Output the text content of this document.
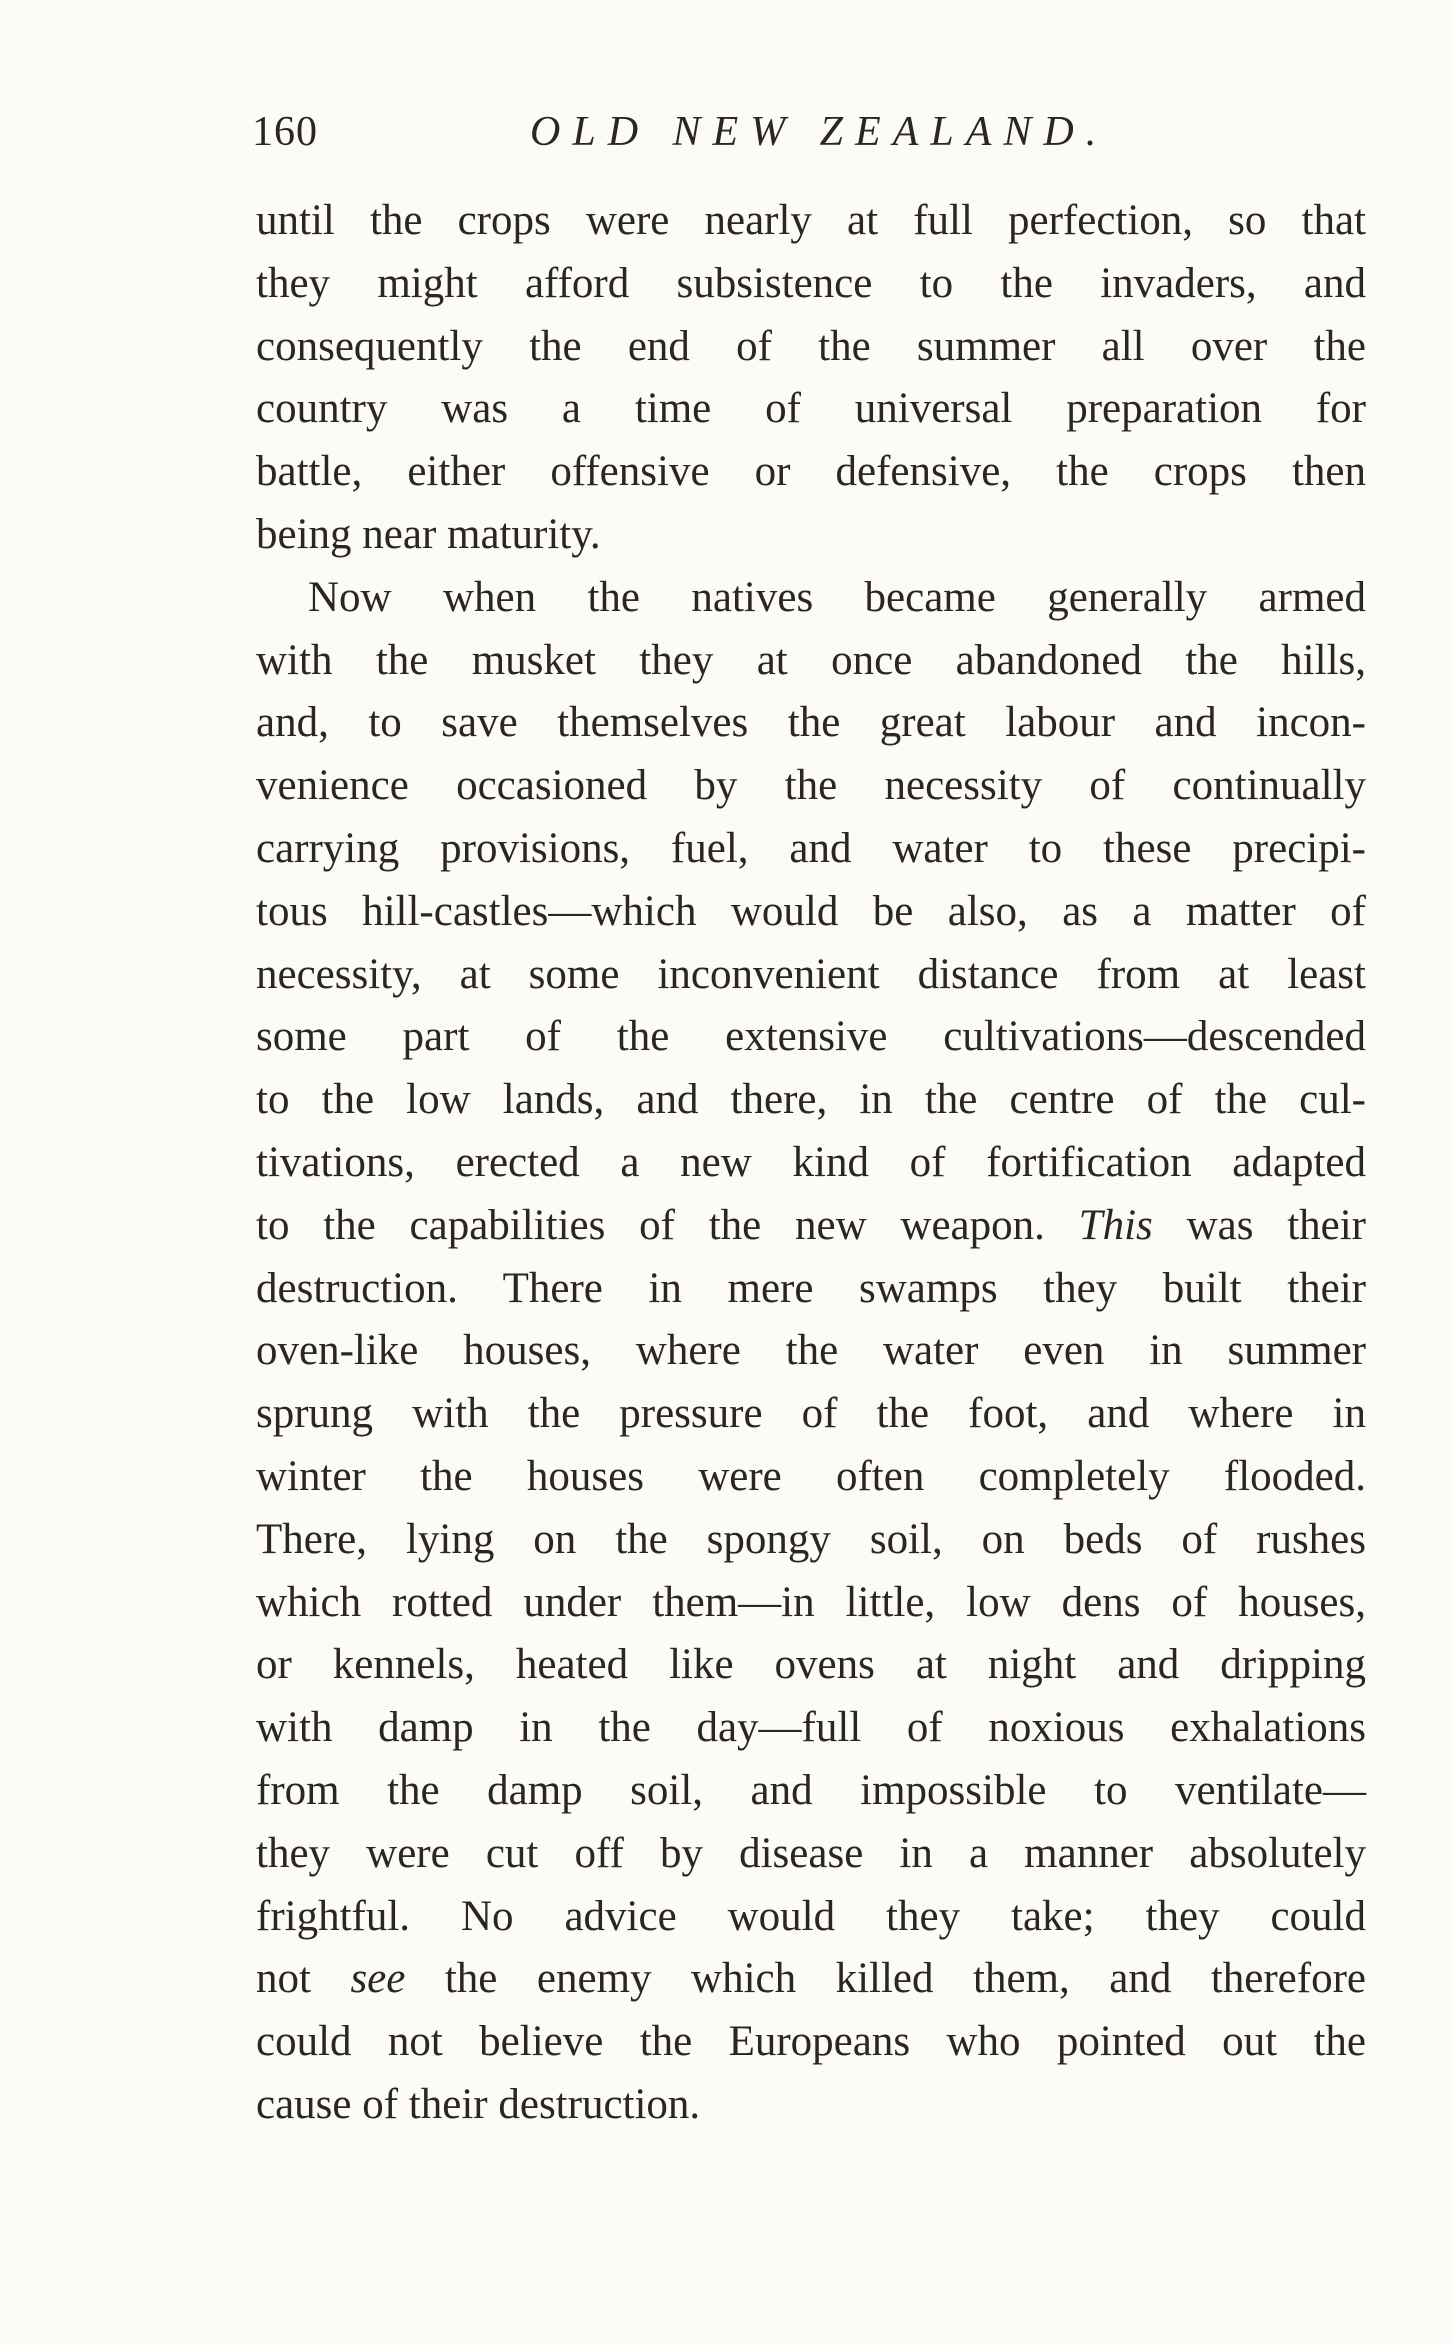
160	OLD NEW ZEALAND.
until the crops were nearly at full perfection, so that
they might afford subsistence to the invaders, and
consequently the end of the summer all over the
country was a time of universal preparation for
battle, either offensive or defensive, the crops then
being near maturity.
Now when the natives became generally armed
with the musket they at once abandoned the hills,
and, to save themselves the great labour and incon-
venience occasioned by the necessity of continually
carrying provisions, fuel, and water to these precipi-
tous hill-castles—which would be also, as a matter of
necessity, at some inconvenient distance from at least
some part of the extensive cultivations—descended
to the low lands, and there, in the centre of the cul-
tivations, erected a new kind of fortification adapted
to the capabilities of the new weapon. This was their
destruction. There in mere swamps they built their
oven-like houses, where the water even in summer
sprung with the pressure of the foot, and where in
winter the houses were often completely flooded.
There, lying on the spongy soil, on beds of rushes
which rotted under them—in little, low dens of houses,
or kennels, heated like ovens at night and dripping
with damp in the day—full of noxious exhalations
from the damp soil, and impossible to ventilate—
they were cut off by disease in a manner absolutely
frightful. No advice would they take; they could
not see the enemy which killed them, and therefore
could not believe the Europeans who pointed out the
cause of their destruction.
